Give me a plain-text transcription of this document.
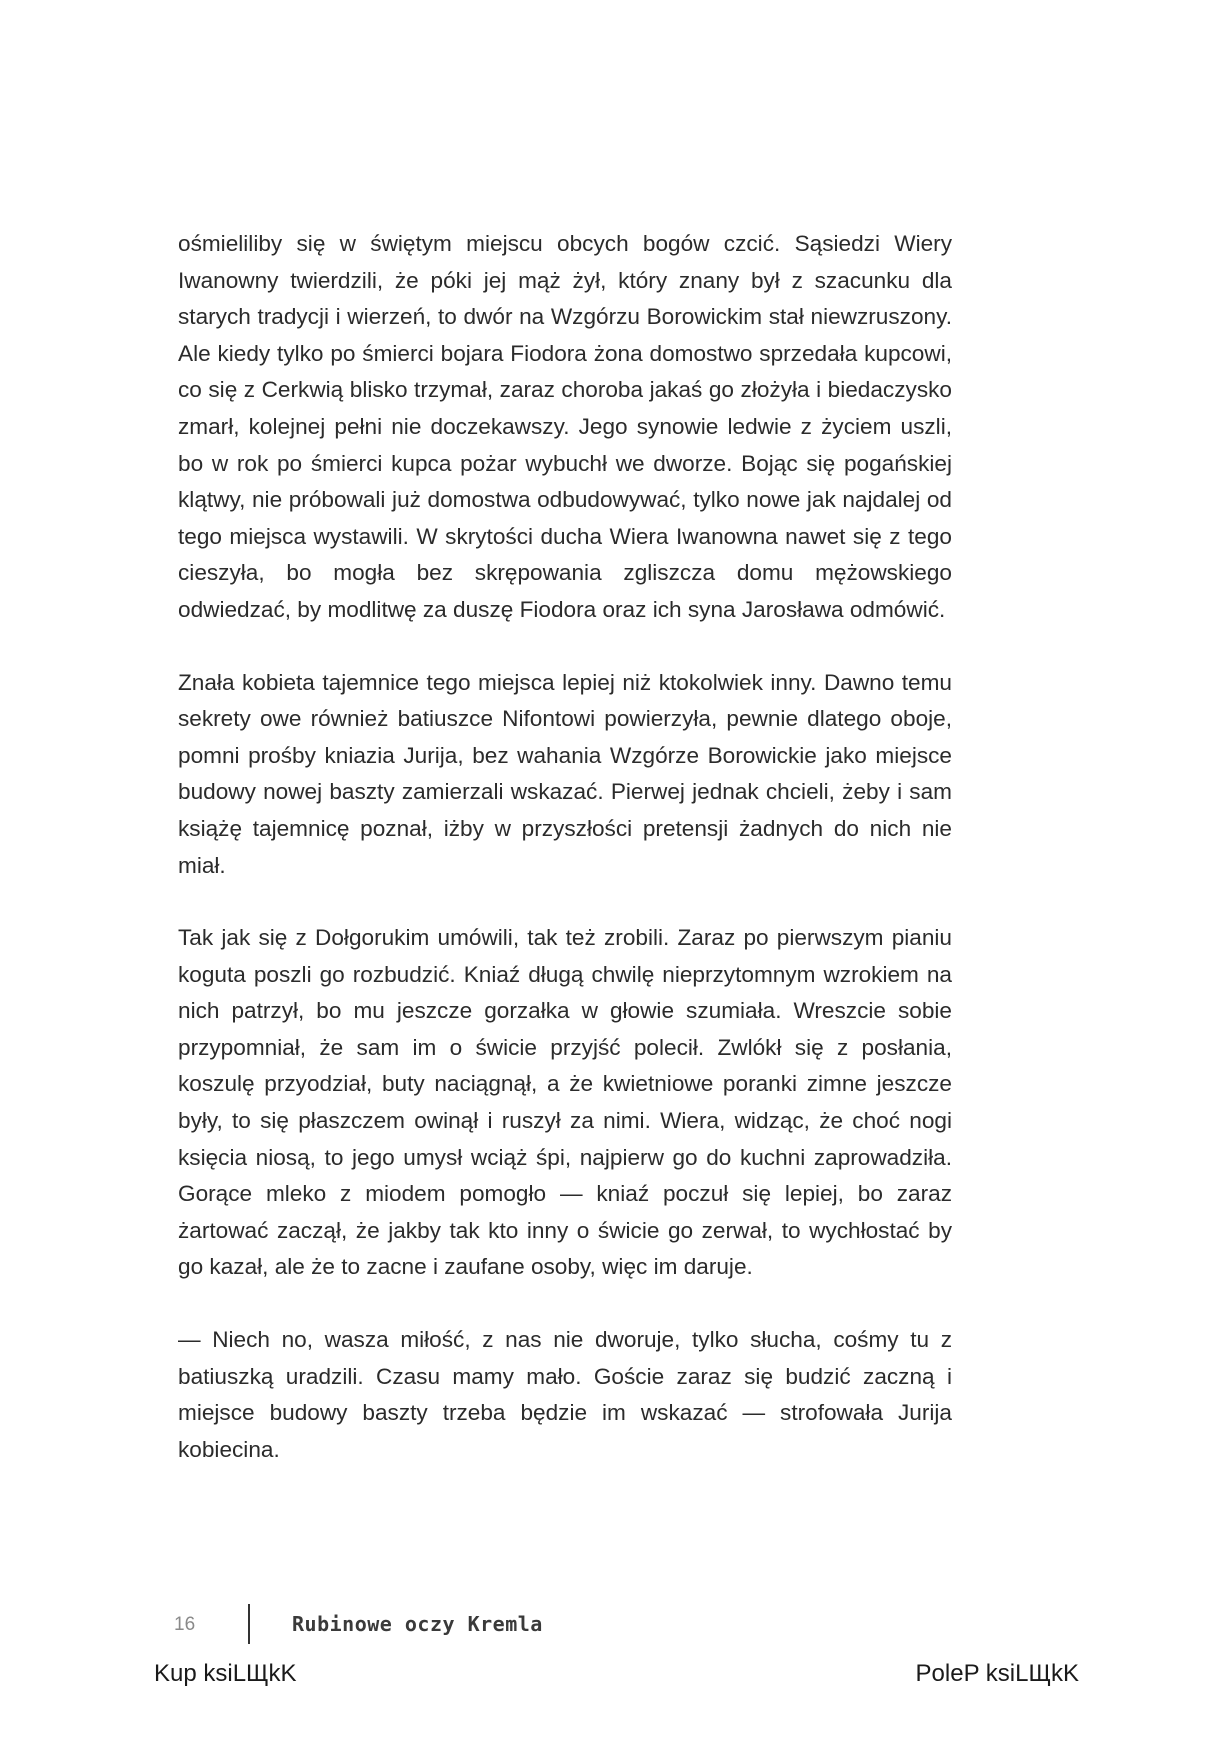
ośmieliliby się w świętym miejscu obcych bogów czcić. Sąsiedzi Wiery Iwanowny twierdzili, że póki jej mąż żył, który znany był z szacunku dla starych tradycji i wierzeń, to dwór na Wzgórzu Borowickim stał niewzruszony. Ale kiedy tylko po śmierci bojara Fiodora żona domostwo sprzedała kupcowi, co się z Cerkwią blisko trzymał, zaraz choroba jakaś go złożyła i biedaczysko zmarł, kolejnej pełni nie doczekawszy. Jego synowie ledwie z życiem uszli, bo w rok po śmierci kupca pożar wybuchł we dworze. Bojąc się pogańskiej klątwy, nie próbowali już domostwa odbudowywać, tylko nowe jak najdalej od tego miejsca wystawili. W skrytości ducha Wiera Iwanowna nawet się z tego cieszyła, bo mogła bez skrępowania zgliszcza domu mężowskiego odwiedzać, by modlitwę za duszę Fiodora oraz ich syna Jarosława odmówić.

Znała kobieta tajemnice tego miejsca lepiej niż ktokolwiek inny. Dawno temu sekrety owe również batiuszce Nifontowi powierzyła, pewnie dlatego oboje, pomni prośby kniazia Jurija, bez wahania Wzgórze Borowickie jako miejsce budowy nowej baszty zamierzali wskazać. Pierwej jednak chcieli, żeby i sam książę tajemnicę poznał, iżby w przyszłości pretensji żadnych do nich nie miał.

Tak jak się z Dołgorukim umówili, tak też zrobili. Zaraz po pierwszym pianiu koguta poszli go rozbudzić. Kniaź długą chwilę nieprzytomnym wzrokiem na nich patrzył, bo mu jeszcze gorzałka w głowie szumiała. Wreszcie sobie przypomniał, że sam im o świcie przyjść polecił. Zwlókł się z posłania, koszulę przyodział, buty naciągnął, a że kwietniowe poranki zimne jeszcze były, to się płaszczem owinął i ruszył za nimi. Wiera, widząc, że choć nogi księcia niosą, to jego umysł wciąż śpi, najpierw go do kuchni zaprowadziła. Gorące mleko z miodem pomogło — kniaź poczuł się lepiej, bo zaraz żartować zaczął, że jakby tak kto inny o świcie go zerwał, to wychłostać by go kazał, ale że to zacne i zaufane osoby, więc im daruje.

— Niech no, wasza miłość, z nas nie dworuje, tylko słucha, cośmy tu z batiuszką uradzili. Czasu mamy mało. Goście zaraz się budzić zaczną i miejsce budowy baszty trzeba będzie im wskazać — strofowała Jurija kobiecina.

16	Rubinowe oczy Kremla
Kup ksiLЩkK	PoleP ksiLЩkK
